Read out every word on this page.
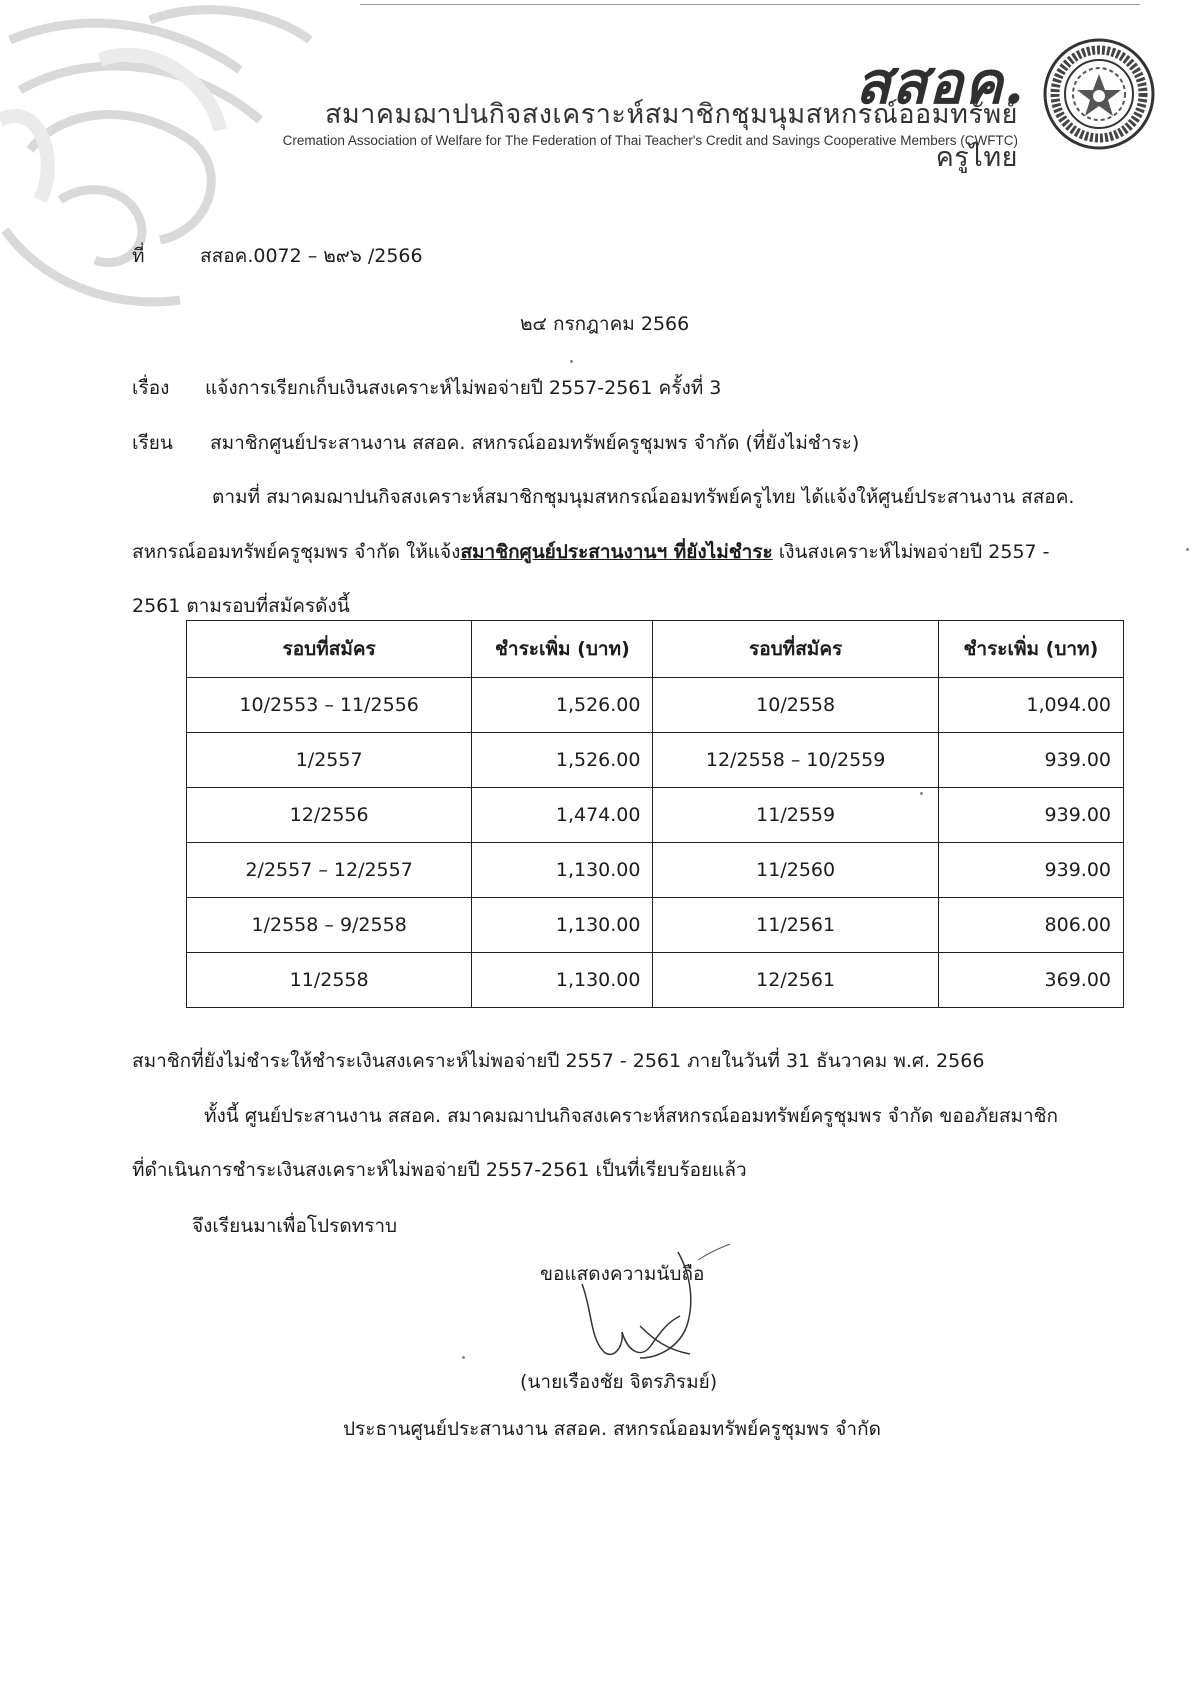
สสอค.
สมาคมฌาปนกิจสงเคราะห์สมาชิกชุมนุมสหกรณ์ออมทรัพย์ครูไทย
Cremation Association of Welfare for The Federation of Thai Teacher's Credit and Savings Cooperative Members (CWFTC)
ที่	สสอค.0072 – ๒๙๖ /2566
๒๔ กรกฎาคม 2566
เรื่อง แจ้งการเรียกเก็บเงินสงเคราะห์ไม่พอจ่ายปี 2557-2561 ครั้งที่ 3
เรียน สมาชิกศูนย์ประสานงาน สสอค. สหกรณ์ออมทรัพย์ครูชุมพร จำกัด (ที่ยังไม่ชำระ)
ตามที่ สมาคมฌาปนกิจสงเคราะห์สมาชิกชุมนุมสหกรณ์ออมทรัพย์ครูไทย ได้แจ้งให้ศูนย์ประสานงาน สสอค.
สหกรณ์ออมทรัพย์ครูชุมพร จำกัด ให้แจ้งสมาชิกศูนย์ประสานงานฯ ที่ยังไม่ชำระ เงินสงเคราะห์ไม่พอจ่ายปี 2557 -
2561 ตามรอบที่สมัครดังนี้
รอบที่สมัคร	ชำระเพิ่ม (บาท)	รอบที่สมัคร	ชำระเพิ่ม (บาท)
10/2553 – 11/2556	1,526.00	10/2558	1,094.00
1/2557	1,526.00	12/2558 – 10/2559	939.00
12/2556	1,474.00	11/2559	939.00
2/2557 – 12/2557	1,130.00	11/2560	939.00
1/2558 – 9/2558	1,130.00	11/2561	806.00
11/2558	1,130.00	12/2561	369.00
สมาชิกที่ยังไม่ชำระให้ชำระเงินสงเคราะห์ไม่พอจ่ายปี 2557 - 2561 ภายในวันที่ 31 ธันวาคม พ.ศ. 2566
ทั้งนี้ ศูนย์ประสานงาน สสอค. สมาคมฌาปนกิจสงเคราะห์สหกรณ์ออมทรัพย์ครูชุมพร จำกัด ขออภัยสมาชิก
ที่ดำเนินการชำระเงินสงเคราะห์ไม่พอจ่ายปี 2557-2561 เป็นที่เรียบร้อยแล้ว
จึงเรียนมาเพื่อโปรดทราบ
ขอแสดงความนับถือ
(นายเรืองชัย จิตรภิรมย์)
ประธานศูนย์ประสานงาน สสอค. สหกรณ์ออมทรัพย์ครูชุมพร จำกัด
